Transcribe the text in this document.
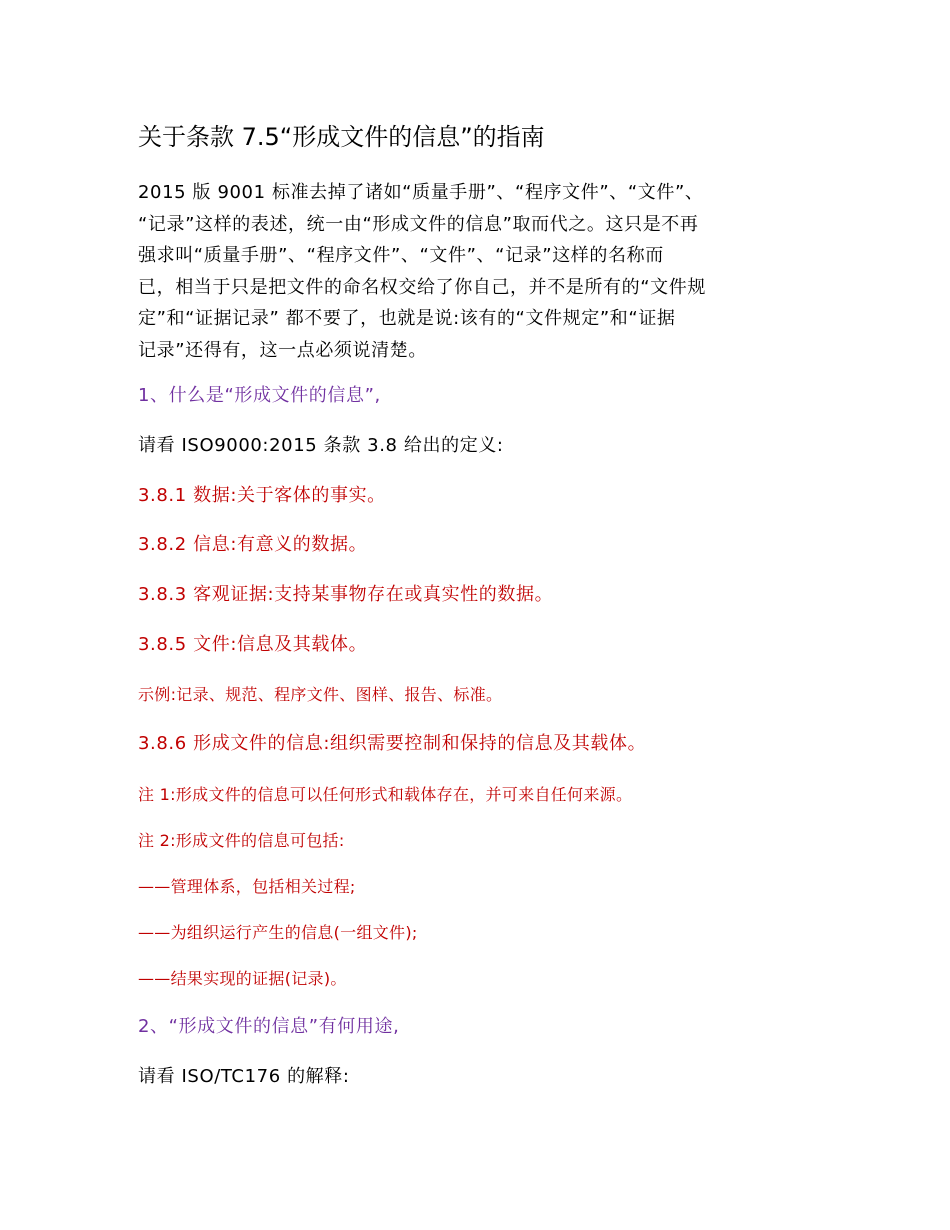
关于条款 7.5“形成文件的信息”的指南
2015 版 9001 标准去掉了诸如“质量手册”、“程序文件”、“文件”、
“记录”这样的表述，统一由“形成文件的信息”取而代之。这只是不再
强求叫“质量手册”、“程序文件”、“文件”、“记录”这样的名称而
已，相当于只是把文件的命名权交给了你自己，并不是所有的“文件规
定”和“证据记录” 都不要了，也就是说:该有的“文件规定”和“证据
记录”还得有，这一点必须说清楚。
1、什么是“形成文件的信息”,
请看 ISO9000:2015 条款 3.8 给出的定义:
3.8.1 数据:关于客体的事实。
3.8.2 信息:有意义的数据。
3.8.3 客观证据:支持某事物存在或真实性的数据。
3.8.5 文件:信息及其载体。
示例:记录、规范、程序文件、图样、报告、标准。
3.8.6 形成文件的信息:组织需要控制和保持的信息及其载体。
注 1:形成文件的信息可以任何形式和载体存在，并可来自任何来源。
注 2:形成文件的信息可包括:
——管理体系，包括相关过程;
——为组织运行产生的信息(一组文件);
——结果实现的证据(记录)。
2、“形成文件的信息”有何用途,
请看 ISO/TC176 的解释:
